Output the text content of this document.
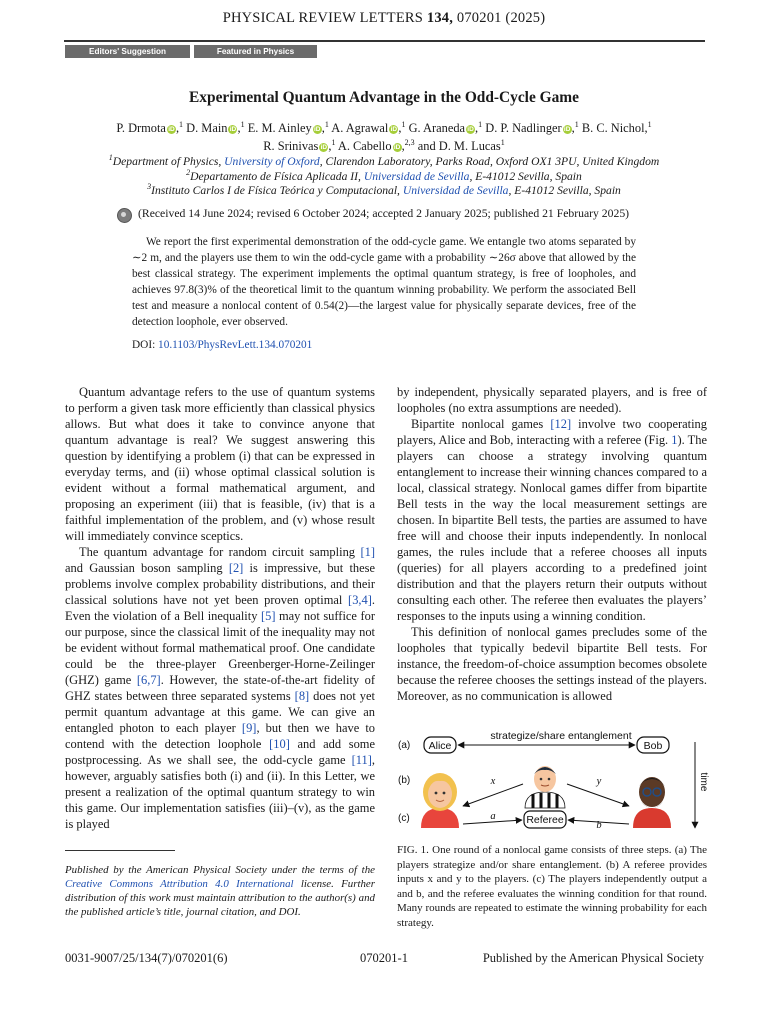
PHYSICAL REVIEW LETTERS 134, 070201 (2025)
Editors' Suggestion	Featured in Physics
Experimental Quantum Advantage in the Odd-Cycle Game
P. Drmota iD,$^1$ D. Main iD,$^1$ E. M. Ainley iD,$^1$ A. Agrawal iD,$^1$ G. Araneda iD,$^1$ D. P. Nadlinger iD,$^1$ B. C. Nichol,$^1$
R. Srinivas iD,$^1$ A. Cabello iD,$^{2,3}$ and D. M. Lucas$^1$
$^1$Department of Physics, University of Oxford, Clarendon Laboratory, Parks Road, Oxford OX1 3PU, United Kingdom
$^2$Departamento de Física Aplicada II, Universidad de Sevilla, E-41012 Sevilla, Spain
$^3$Instituto Carlos I de Física Teórica y Computacional, Universidad de Sevilla, E-41012 Sevilla, Spain
(Received 14 June 2024; revised 6 October 2024; accepted 2 January 2025; published 21 February 2025)

We report the first experimental demonstration of the odd-cycle game. We entangle two atoms separated by ∼2 m, and the players use them to win the odd-cycle game with a probability ∼26σ above that allowed by the best classical strategy. The experiment implements the optimal quantum strategy, is free of loopholes, and achieves 97.8(3)% of the theoretical limit to the quantum winning probability. We perform the associated Bell test and measure a nonlocal content of 0.54(2)—the largest value for physically separate devices, free of the detection loophole, ever observed.

DOI: 10.1103/PhysRevLett.134.070201

Quantum advantage refers to the use of quantum systems to perform a given task more efficiently than classical physics allows. But what does it take to convince anyone that quantum advantage is real? We suggest answering this question by identifying a problem (i) that can be expressed in everyday terms, and (ii) whose optimal classical solution is evident without a formal mathematical argument, and proposing an experiment (iii) that is feasible, (iv) that is a faithful implementation of the problem, and (v) whose result will immediately convince sceptics.

The quantum advantage for random circuit sampling [1] and Gaussian boson sampling [2] is impressive, but these problems involve complex probability distributions, and their classical solutions have not yet been proven optimal [3,4]. Even the violation of a Bell inequality [5] may not suffice for our purpose, since the classical limit of the inequality may not be evident without formal mathematical proof. One candidate could be the three-player Greenberger-Horne-Zeilinger (GHZ) game [6,7]. However, the state-of-the-art fidelity of GHZ states between three separated systems [8] does not yet permit quantum advantage at this game. We can give an entangled photon to each player [9], but then we have to contend with the detection loophole [10] and add some postprocessing. As we shall see, the odd-cycle game [11], however, arguably satisfies both (i) and (ii). In this Letter, we present a realization of the optimal quantum strategy to win this game. Our implementation satisfies (iii)–(v), as the game is played

by independent, physically separated players, and is free of loopholes (no extra assumptions are needed).

Bipartite nonlocal games [12] involve two cooperating players, Alice and Bob, interacting with a referee (Fig. 1). The players can choose a strategy involving quantum entanglement to increase their winning chances compared to a local, classical strategy. Nonlocal games differ from bipartite Bell tests in the way the local measurement settings are chosen. In bipartite Bell tests, the parties are assumed to have free will and choose their inputs independently. In nonlocal games, the rules include that a referee chooses all inputs (queries) for all players according to a predefined joint distribution and that the players return their outputs without consulting each other. The referee then evaluates the players’ responses to the inputs using a winning condition.

This definition of nonlocal games precludes some of the loopholes that typically bedevil bipartite Bell tests. For instance, the freedom-of-choice assumption becomes obsolete because the referee chooses the settings instead of the players. Moreover, as no communication is allowed

(a)
(b)
(c)
Alice	Bob
strategize/share entanglement
Referee
x	y
a
b
time
FIG. 1. One round of a nonlocal game consists of three steps. (a) The players strategize and/or share entanglement. (b) A referee provides inputs x and y to the players. (c) The players independently output a and b, and the referee evaluates the winning condition for that round. Many rounds are repeated to estimate the winning probability for each strategy.
Published by the American Physical Society under the terms of the Creative Commons Attribution 4.0 International license. Further distribution of this work must maintain attribution to the author(s) and the published article’s title, journal citation, and DOI.
0031-9007/25/134(7)/070201(6)	070201-1	Published by the American Physical Society
